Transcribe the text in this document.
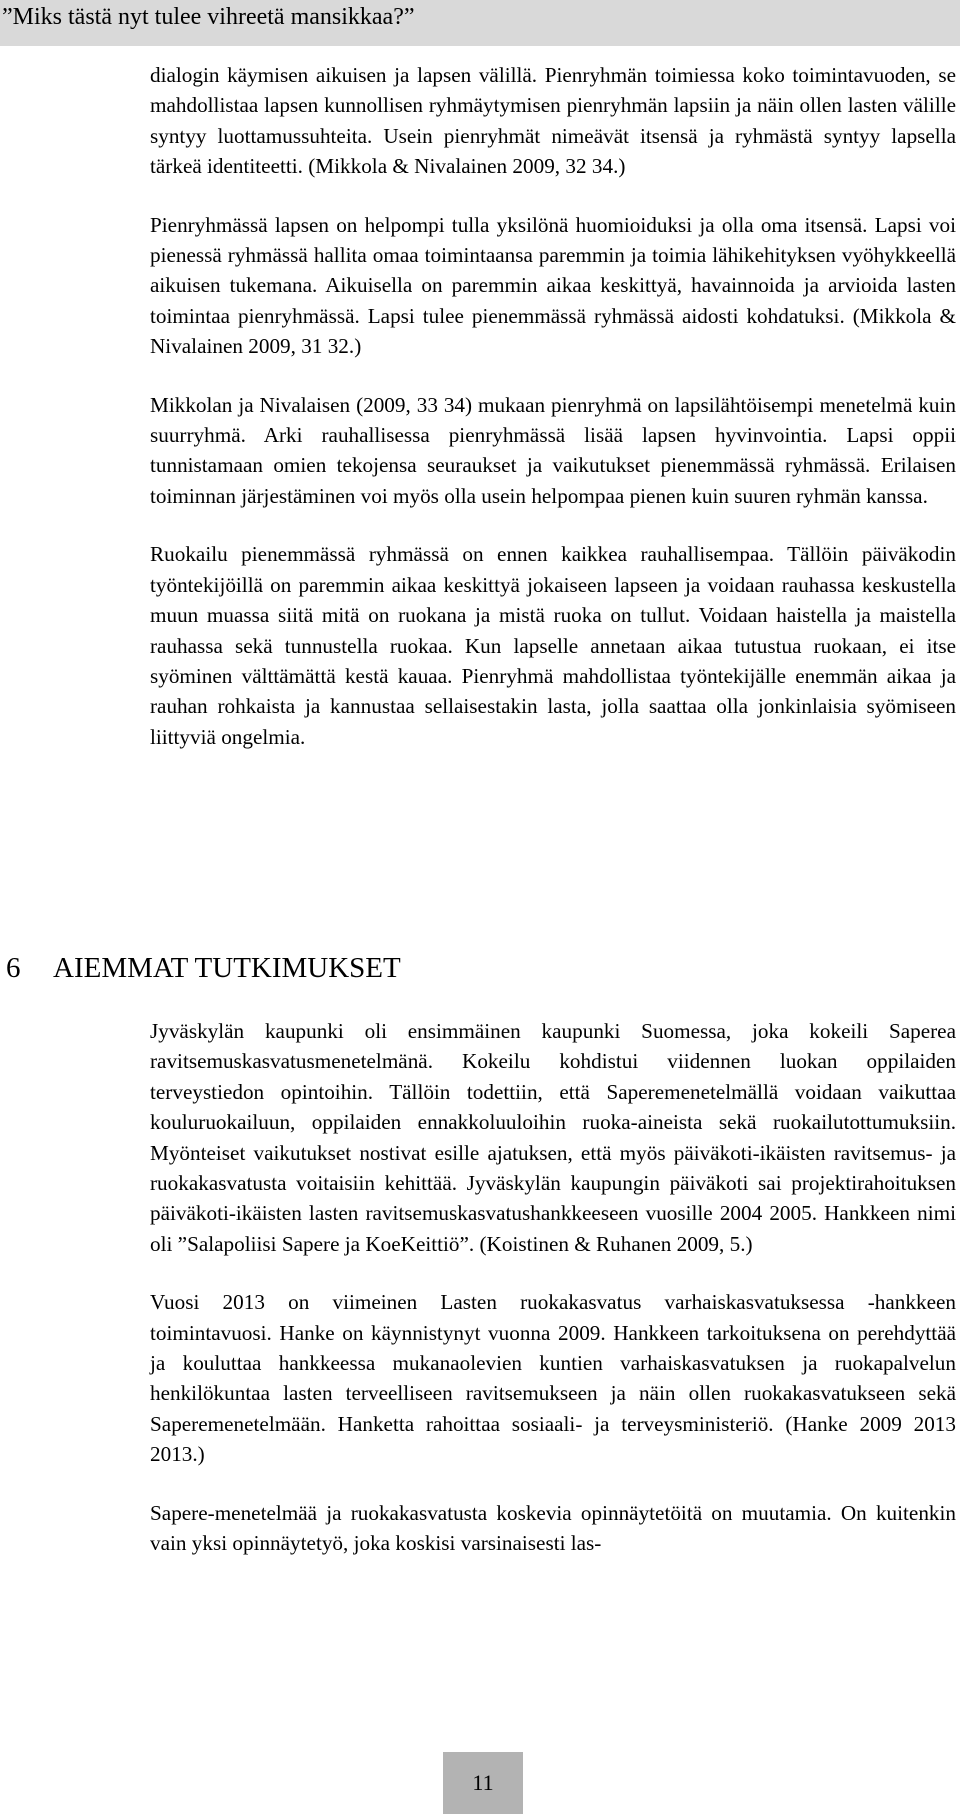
”Miks tästä nyt tulee vihreetä mansikkaa?”

dialogin käymisen aikuisen ja lapsen välillä. Pienryhmän toimiessa koko toimintavuoden, se mahdollistaa lapsen kunnollisen ryhmäytymisen pienryhmän lapsiin ja näin ollen lasten välille syntyy luottamussuhteita. Usein pienryhmät nimeävät itsensä ja ryhmästä syntyy lapsella tärkeä identiteetti. (Mikkola & Nivalainen 2009, 32 34.)

Pienryhmässä lapsen on helpompi tulla yksilönä huomioiduksi ja olla oma itsensä. Lapsi voi pienessä ryhmässä hallita omaa toimintaansa paremmin ja toimia lähikehityksen vyöhykkeellä aikuisen tukemana. Aikuisella on paremmin aikaa keskittyä, havainnoida ja arvioida lasten toimintaa pienryhmässä. Lapsi tulee pienemmässä ryhmässä aidosti kohdatuksi. (Mikkola & Nivalainen 2009, 31 32.)

Mikkolan ja Nivalaisen (2009, 33 34) mukaan pienryhmä on lapsilähtöisempi menetelmä kuin suurryhmä. Arki rauhallisessa pienryhmässä lisää lapsen hyvinvointia. Lapsi oppii tunnistamaan omien tekojensa seuraukset ja vaikutukset pienemmässä ryhmässä. Erilaisen toiminnan järjestäminen voi myös olla usein helpompaa pienen kuin suuren ryhmän kanssa.

Ruokailu pienemmässä ryhmässä on ennen kaikkea rauhallisempaa. Tällöin päiväkodin työntekijöillä on paremmin aikaa keskittyä jokaiseen lapseen ja voidaan rauhassa keskustella muun muassa siitä mitä on ruokana ja mistä ruoka on tullut. Voidaan haistella ja maistella rauhassa sekä tunnustella ruokaa. Kun lapselle annetaan aikaa tutustua ruokaan, ei itse syöminen välttämättä kestä kauaa. Pienryhmä mahdollistaa työntekijälle enemmän aikaa ja rauhan rohkaista ja kannustaa sellaisestakin lasta, jolla saattaa olla jonkinlaisia syömiseen liittyviä ongelmia.

6 AIEMMAT TUTKIMUKSET

Jyväskylän kaupunki oli ensimmäinen kaupunki Suomessa, joka kokeili Saperea ravitsemuskasvatusmenetelmänä. Kokeilu kohdistui viidennen luokan oppilaiden terveystiedon opintoihin. Tällöin todettiin, että Saperemenetelmällä voidaan vaikuttaa kouluruokailuun, oppilaiden ennakkoluuloihin ruoka-aineista sekä ruokailutottumuksiin. Myönteiset vaikutukset nostivat esille ajatuksen, että myös päiväkoti-ikäisten ravitsemus- ja ruokakasvatusta voitaisiin kehittää. Jyväskylän kaupungin päiväkoti sai projektirahoituksen päiväkoti-ikäisten lasten ravitsemuskasvatushankkeeseen vuosille 2004 2005. Hankkeen nimi oli ”Salapoliisi Sapere ja KoeKeittiö”. (Koistinen & Ruhanen 2009, 5.)

Vuosi 2013 on viimeinen Lasten ruokakasvatus varhaiskasvatuksessa -hankkeen toimintavuosi. Hanke on käynnistynyt vuonna 2009. Hankkeen tarkoituksena on perehdyttää ja kouluttaa hankkeessa mukanaolevien kuntien varhaiskasvatuksen ja ruokapalvelun henkilökuntaa lasten terveelliseen ravitsemukseen ja näin ollen ruokakasvatukseen sekä Saperemenetelmään. Hanketta rahoittaa sosiaali- ja terveysministeriö. (Hanke 2009 2013 2013.)

Sapere-menetelmää ja ruokakasvatusta koskevia opinnäytetöitä on muutamia. On kuitenkin vain yksi opinnäytetyö, joka koskisi varsinaisesti las-

11
